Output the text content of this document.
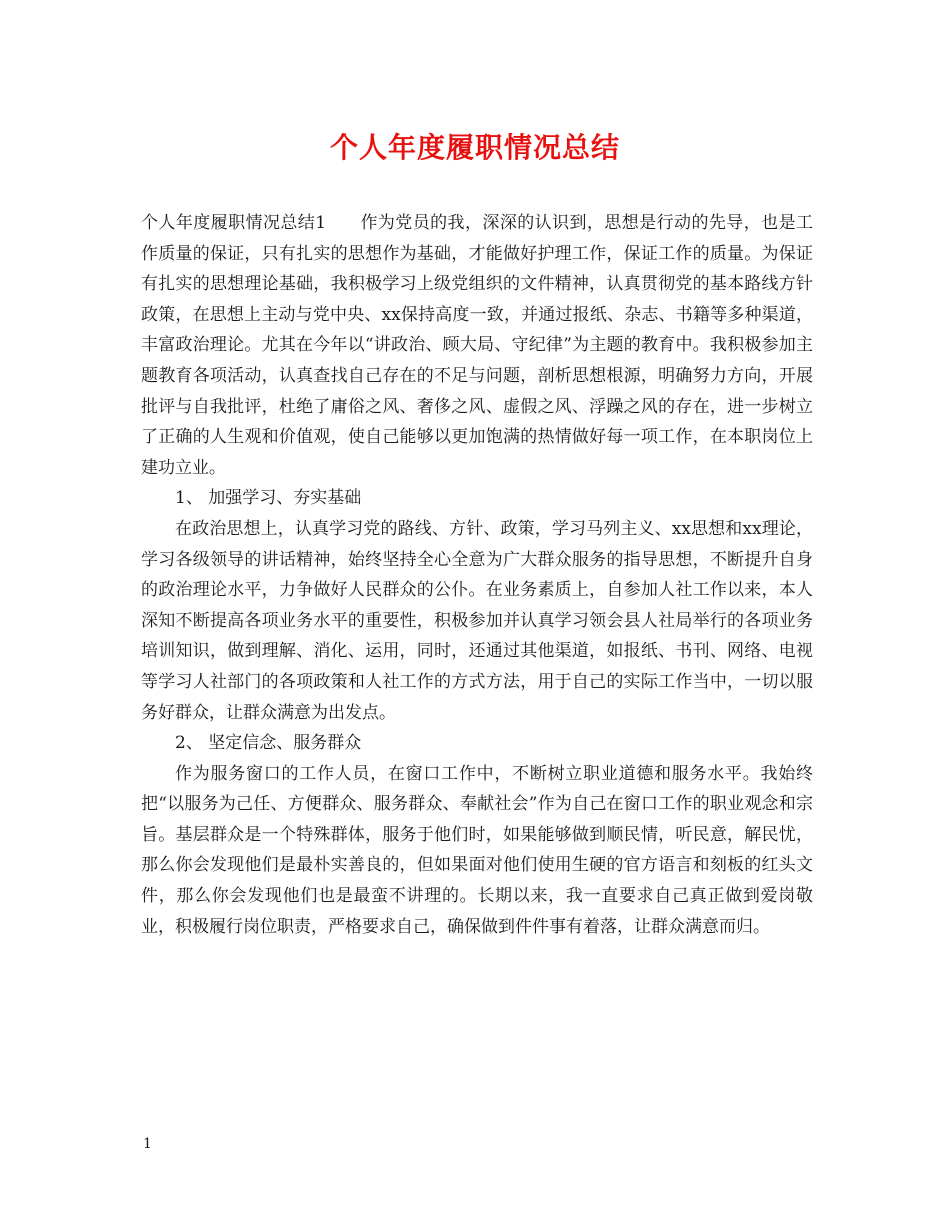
个人年度履职情况总结

个人年度履职情况总结1 作为党员的我，深深的认识到，思想是行动的先导，也是工作质量的保证，只有扎实的思想作为基础，才能做好护理工作，保证工作的质量。为保证有扎实的思想理论基础，我积极学习上级党组织的文件精神，认真贯彻党的基本路线方针政策，在思想上主动与党中央、xx保持高度一致，并通过报纸、杂志、书籍等多种渠道，丰富政治理论。尤其在今年以“讲政治、顾大局、守纪律”为主题的教育中。我积极参加主题教育各项活动，认真查找自己存在的不足与问题，剖析思想根源，明确努力方向，开展批评与自我批评，杜绝了庸俗之风、奢侈之风、虚假之风、浮躁之风的存在，进一步树立了正确的人生观和价值观，使自己能够以更加饱满的热情做好每一项工作，在本职岗位上建功立业。

1、 加强学习、夯实基础

在政治思想上，认真学习党的路线、方针、政策，学习马列主义、xx思想和xx理论，学习各级领导的讲话精神，始终坚持全心全意为广大群众服务的指导思想，不断提升自身的政治理论水平，力争做好人民群众的公仆。在业务素质上，自参加人社工作以来，本人深知不断提高各项业务水平的重要性，积极参加并认真学习领会县人社局举行的各项业务培训知识，做到理解、消化、运用，同时，还通过其他渠道，如报纸、书刊、网络、电视等学习人社部门的各项政策和人社工作的方式方法，用于自己的实际工作当中，一切以服务好群众，让群众满意为出发点。

2、 坚定信念、服务群众

作为服务窗口的工作人员，在窗口工作中，不断树立职业道德和服务水平。我始终把“以服务为己任、方便群众、服务群众、奉献社会”作为自己在窗口工作的职业观念和宗旨。基层群众是一个特殊群体，服务于他们时，如果能够做到顺民情，听民意，解民忧，那么你会发现他们是最朴实善良的，但如果面对他们使用生硬的官方语言和刻板的红头文件，那么你会发现他们也是最蛮不讲理的。长期以来，我一直要求自己真正做到爱岗敬业，积极履行岗位职责，严格要求自己，确保做到件件事有着落，让群众满意而归。

1
